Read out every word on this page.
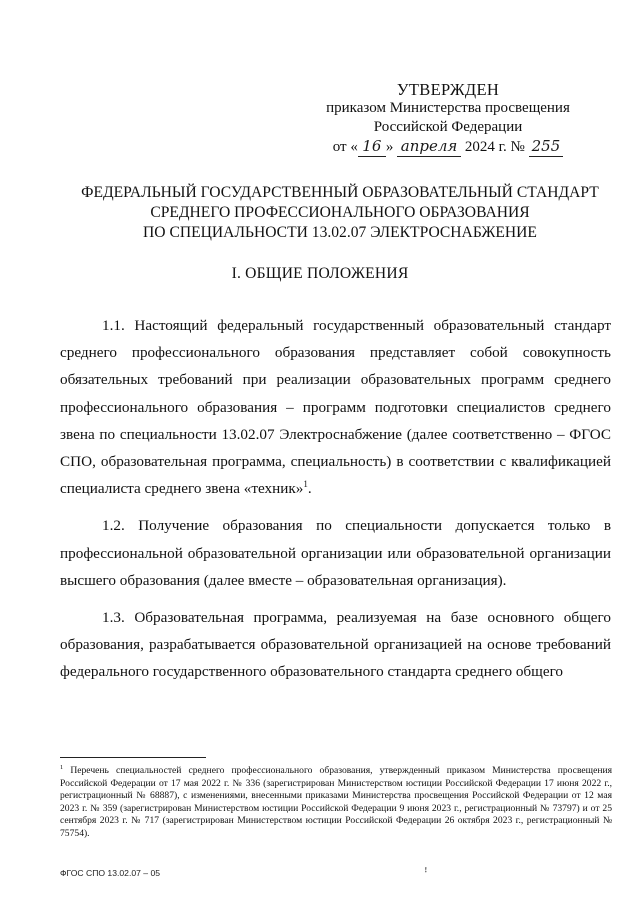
УТВЕРЖДЕН
приказом Министерства просвещения
Российской Федерации
от « 16 » апреля 2024 г. № 255
ФЕДЕРАЛЬНЫЙ ГОСУДАРСТВЕННЫЙ ОБРАЗОВАТЕЛЬНЫЙ СТАНДАРТ
СРЕДНЕГО ПРОФЕССИОНАЛЬНОГО ОБРАЗОВАНИЯ
ПО СПЕЦИАЛЬНОСТИ 13.02.07 ЭЛЕКТРОСНАБЖЕНИЕ
I. ОБЩИЕ ПОЛОЖЕНИЯ

1.1. Настоящий федеральный государственный образовательный стандарт среднего профессионального образования представляет собой совокупность обязательных требований при реализации образовательных программ среднего профессионального образования – программ подготовки специалистов среднего звена по специальности 13.02.07 Электроснабжение (далее соответственно – ФГОС СПО, образовательная программа, специальность) в соответствии с квалификацией специалиста среднего звена «техник»$^1$.

1.2. Получение образования по специальности допускается только в профессиональной образовательной организации или образовательной организации высшего образования (далее вместе – образовательная организация).

1.3. Образовательная программа, реализуемая на базе основного общего образования, разрабатывается образовательной организацией на основе требований федерального государственного образовательного стандарта среднего общего

$^1$ Перечень специальностей среднего профессионального образования, утвержденный приказом Министерства просвещения Российской Федерации от 17 мая 2022 г. № 336 (зарегистрирован Министерством юстиции Российской Федерации 17 июня 2022 г., регистрационный № 68887), с изменениями, внесенными приказами Министерства просвещения Российской Федерации от 12 мая 2023 г. № 359 (зарегистрирован Министерством юстиции Российской Федерации 9 июня 2023 г., регистрационный № 73797) и от 25 сентября 2023 г. № 717 (зарегистрирован Министерством юстиции Российской Федерации 26 октября 2023 г., регистрационный № 75754).
ꜝ
ФГОС СПО 13.02.07 – 05
